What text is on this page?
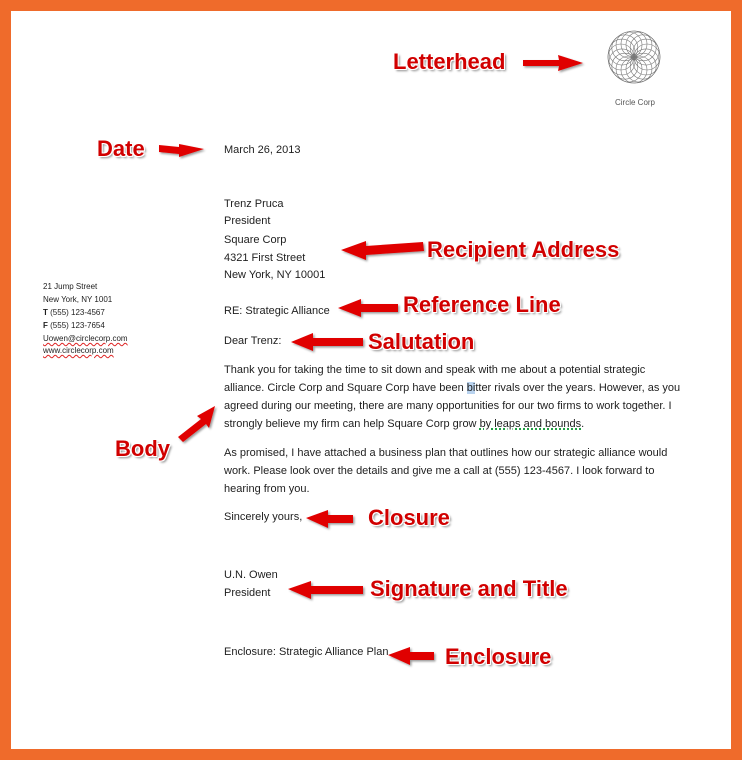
Circle Corp
21 Jump Street
New York, NY 1001
T (555) 123-4567
F (555) 123-7654
Uowen@circlecorp.com
www.circlecorp.com
March 26, 2013
Trenz Pruca
President
Square Corp
4321 First Street
New York, NY 10001
RE: Strategic Alliance
Dear Trenz:
Thank you for taking the time to sit down and speak with me about a potential strategic
alliance. Circle Corp and Square Corp have been bitter rivals over the years. However, as you
agreed during our meeting, there are many opportunities for our two firms to work together. I
strongly believe my firm can help Square Corp grow by leaps and bounds.
As promised, I have attached a business plan that outlines how our strategic alliance would
work. Please look over the details and give me a call at (555) 123-4567. I look forward to
hearing from you.
Sincerely yours,
U.N. Owen
President
Enclosure: Strategic Alliance Plan
Letterhead
Date
Recipient Address
Reference Line
Salutation
Body
Closure
Signature and Title
Enclosure
